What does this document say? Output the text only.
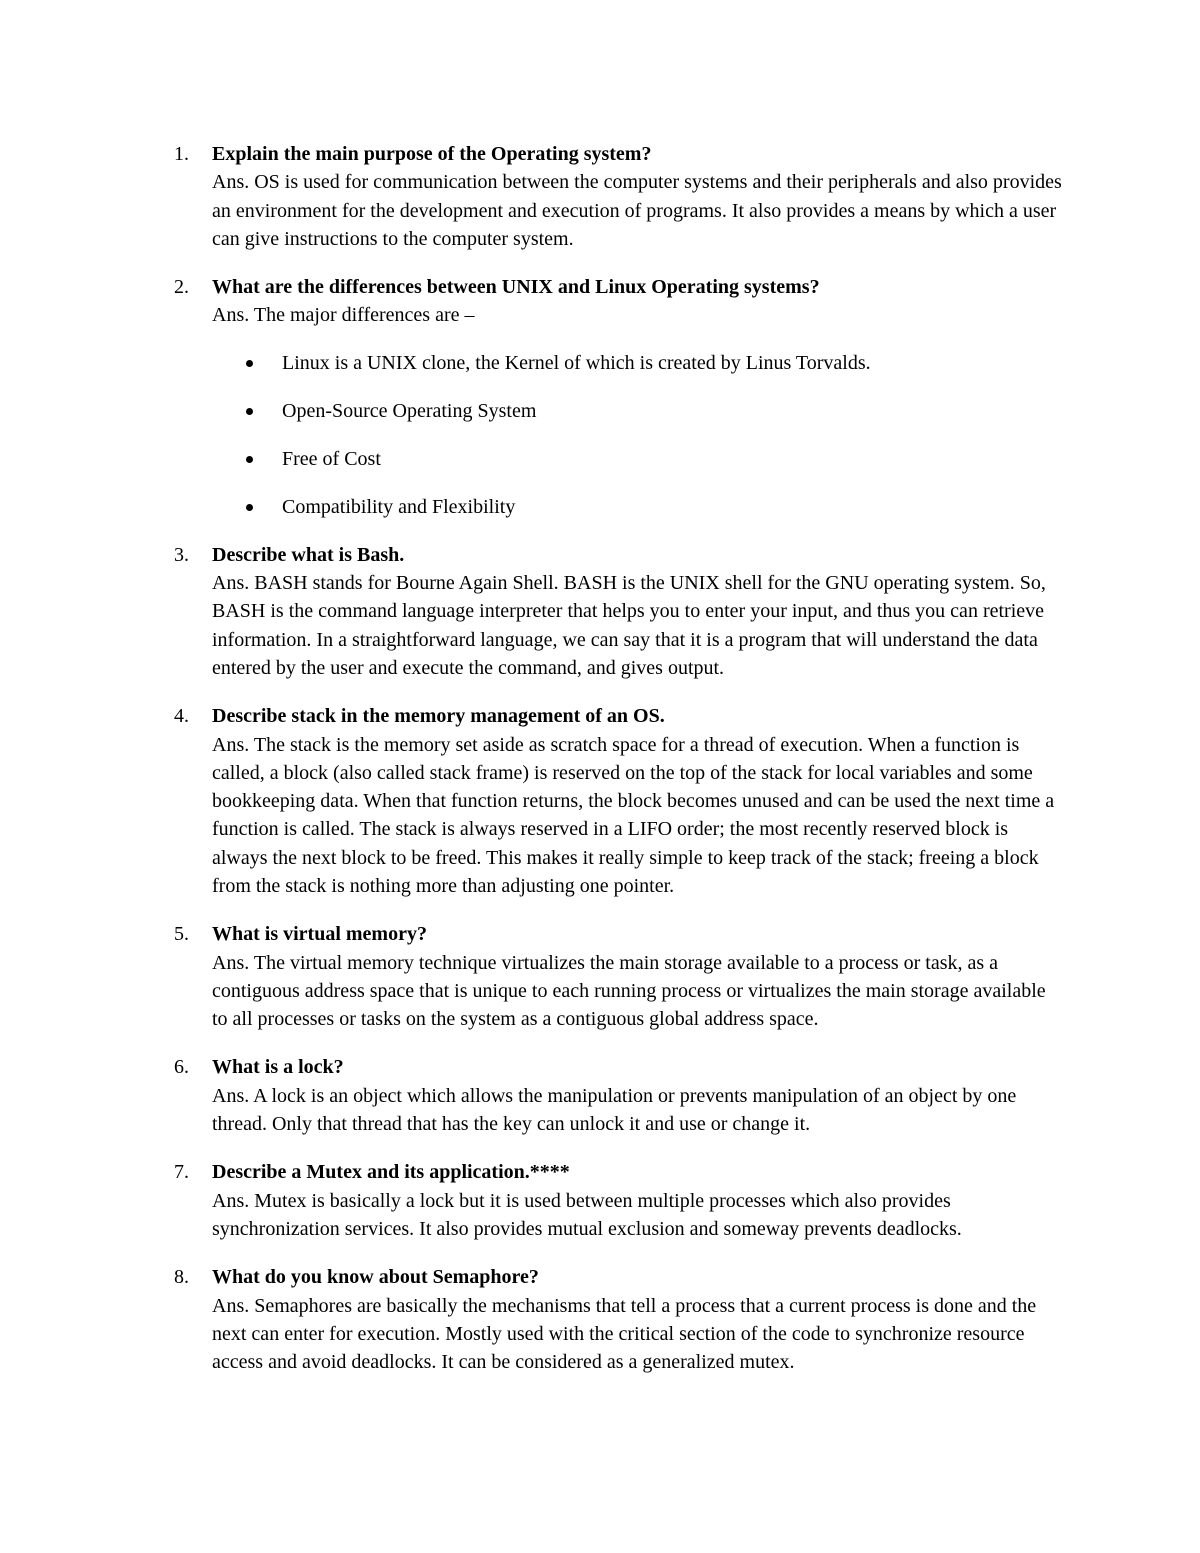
1.	Explain the main purpose of the Operating system?
Ans. OS is used for communication between the computer systems and their peripherals and also provides an environment for the development and execution of programs. It also provides a means by which a user can give instructions to the computer system.
2.	What are the differences between UNIX and Linux Operating systems?
Ans. The major differences are –
Linux is a UNIX clone, the Kernel of which is created by Linus Torvalds.
Open-Source Operating System
Free of Cost
Compatibility and Flexibility
3.	Describe what is Bash.
Ans. BASH stands for Bourne Again Shell. BASH is the UNIX shell for the GNU operating system. So, BASH is the command language interpreter that helps you to enter your input, and thus you can retrieve information. In a straightforward language, we can say that it is a program that will understand the data entered by the user and execute the command, and gives output.
4.	Describe stack in the memory management of an OS.
Ans. The stack is the memory set aside as scratch space for a thread of execution. When a function is called, a block (also called stack frame) is reserved on the top of the stack for local variables and some bookkeeping data. When that function returns, the block becomes unused and can be used the next time a function is called. The stack is always reserved in a LIFO order; the most recently reserved block is always the next block to be freed. This makes it really simple to keep track of the stack; freeing a block from the stack is nothing more than adjusting one pointer.
5.	What is virtual memory?
Ans. The virtual memory technique virtualizes the main storage available to a process or task, as a contiguous address space that is unique to each running process or virtualizes the main storage available to all processes or tasks on the system as a contiguous global address space.
6.	What is a lock?
Ans. A lock is an object which allows the manipulation or prevents manipulation of an object by one thread. Only that thread that has the key can unlock it and use or change it.
7.	Describe a Mutex and its application.****
Ans. Mutex is basically a lock but it is used between multiple processes which also provides synchronization services. It also provides mutual exclusion and someway prevents deadlocks.
8.	What do you know about Semaphore?
Ans. Semaphores are basically the mechanisms that tell a process that a current process is done and the next can enter for execution. Mostly used with the critical section of the code to synchronize resource access and avoid deadlocks. It can be considered as a generalized mutex.
